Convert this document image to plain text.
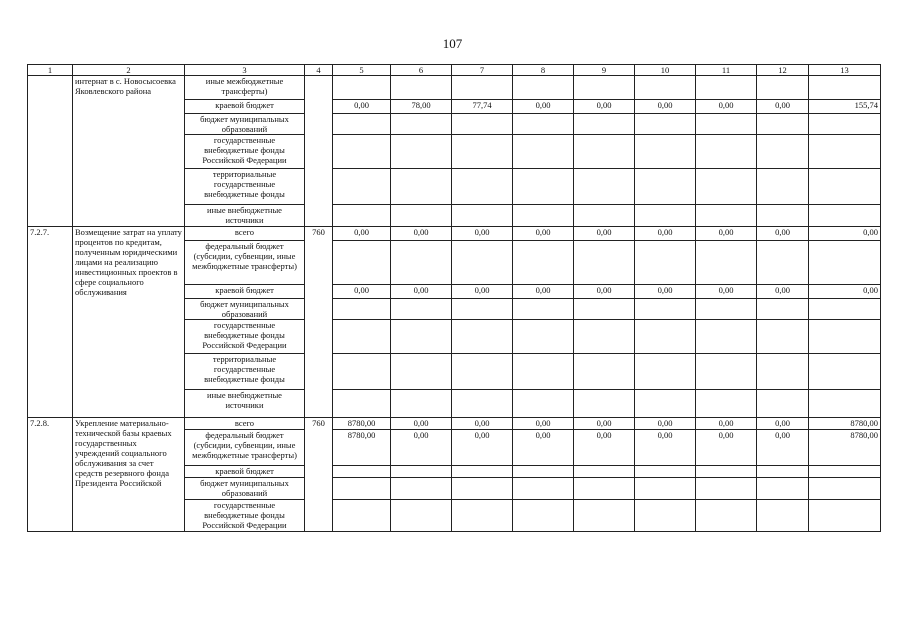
107
1	2	3	4	5	6	7	8	9	10	11	12	13
	интернат в с. Новосысоевка Яковлевского района	иные межбюджетные трансферты)										
		краевой бюджет		0,00	78,00	77,74	0,00	0,00	0,00	0,00	0,00	155,74
		бюджет муниципальных образований										
		государственные внебюджетные фонды Российской Федерации										
		территориальные государственные внебюджетные фонды										
		иные внебюджетные источники										
7.2.7.	Возмещение затрат на уплату процентов по кредитам, полученным юридическими лицами на реализацию инвестиционных проектов в сфере социального обслуживания	всего	760	0,00	0,00	0,00	0,00	0,00	0,00	0,00	0,00	0,00
		федеральный бюджет (субсидии, субвенции, иные межбюджетные трансферты)										
		краевой бюджет		0,00	0,00	0,00	0,00	0,00	0,00	0,00	0,00	0,00
		бюджет муниципальных образований										
		государственные внебюджетные фонды Российской Федерации										
		территориальные государственные внебюджетные фонды										
		иные внебюджетные источники										
7.2.8.	Укрепление материально-технической базы краевых государственных учреждений социального обслуживания за счет средств резервного фонда Президента Российской	всего	760	8780,00	0,00	0,00	0,00	0,00	0,00	0,00	0,00	8780,00
		федеральный бюджет (субсидии, субвенции, иные межбюджетные трансферты)		8780,00	0,00	0,00	0,00	0,00	0,00	0,00	0,00	8780,00
		краевой бюджет										
		бюджет муниципальных образований										
		государственные внебюджетные фонды Российской Федерации										
